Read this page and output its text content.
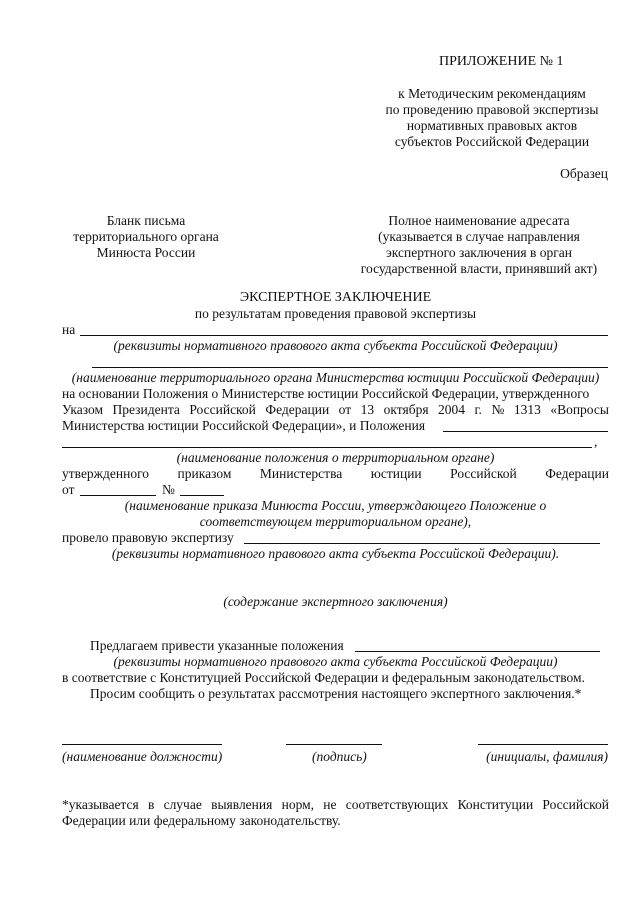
ПРИЛОЖЕНИЕ № 1
к Методическим рекомендациям
по проведению правовой экспертизы
нормативных правовых актов
субъектов Российской Федерации
Образец
Бланк письма
территориального органа
Минюста России
Полное наименование адресата
(указывается в случае направления
экспертного заключения в орган
государственной власти, принявший акт)
ЭКСПЕРТНОЕ ЗАКЛЮЧЕНИЕ
по результатам проведения правовой экспертизы
на
(реквизиты нормативного правового акта субъекта Российской Федерации)
(наименование территориального органа Министерства юстиции Российской Федерации)
на основании Положения о Министерстве юстиции Российской Федерации, утвержденного
Указом Президента Российской Федерации от 13 октября 2004 г. № 1313 «Вопросы
Министерства юстиции Российской Федерации», и Положения
,
(наименование положения о территориальном органе)
утвержденного приказом Министерства юстиции Российской Федерации
от	№
(наименование приказа Минюста России, утверждающего Положение о
соответствующем территориальном органе),
провело правовую экспертизу
(реквизиты нормативного правового акта субъекта Российской Федерации).
(содержание экспертного заключения)
Предлагаем привести указанные положения
(реквизиты нормативного правового акта субъекта Российской Федерации)
в соответствие с Конституцией Российской Федерации и федеральным законодательством.
Просим сообщить о результатах рассмотрения настоящего экспертного заключения.*
(наименование должности)	(подпись)	(инициалы, фамилия)
*указывается в случае выявления норм, не соответствующих Конституции Российской
Федерации или федеральному законодательству.
